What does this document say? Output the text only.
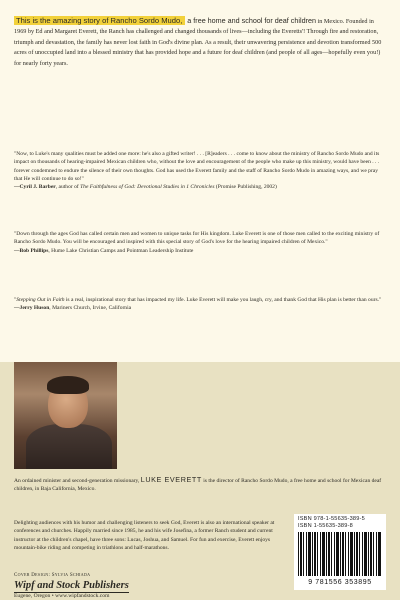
This is the amazing story of Rancho Sordo Mudo, a free home and school for deaf children in Mexico. Founded in 1969 by Ed and Margaret Everett, the Ranch has challenged and changed thousands of lives—including the Everetts'! Through fire and restoration, triumph and devastation, the family has never lost faith in God's divine plan. As a result, their unwavering persistence and devotion transformed 500 acres of unoccupied land into a blessed ministry that has provided hope and a future for deaf children (and people of all ages—hopefully even you!) for nearly forty years.

"Now, to Luke's many qualities must be added one more: he's also a gifted writer! . . . [R]eaders . . . come to know about the ministry of Rancho Sordo Mudo and its impact on thousands of hearing-impaired Mexican children who, without the love and encouragement of the people who make up this ministry, would have been . . . forever condemned to endure the silence of their own thoughts. God has used the Everett family and the staff of Rancho Sordo Mudo in amazing ways, and we pray that He will continue to do so!"
—Cyril J. Barber, author of The Faithfulness of God: Devotional Studies in 1 Chronicles (Promise Publishing, 2002)

"Down through the ages God has called certain men and women to unique tasks for His kingdom. Luke Everett is one of those men called to the exciting ministry of Rancho Sordo Mudo. You will be encouraged and inspired with this special story of God's love for the hearing impaired children of Mexico."
—Bob Phillips, Hume Lake Christian Camps and Pointman Leadership Institute

"Stepping Out in Faith is a real, inspirational story that has impacted my life. Luke Everett will make you laugh, cry, and thank God that His plan is better than ours."
—Jerry Huson, Mariners Church, Irvine, California

An ordained minister and second-generation missionary, LUKE EVERETT is the director of Rancho Sordo Mudo, a free home and school for Mexican deaf children, in Baja California, Mexico.

Delighting audiences with his humor and challenging listeners to seek God, Everett is also an international speaker at conferences and churches. Happily married since 1985, he and his wife Josefina, a former Ranch student and current instructor at the children's chapel, have three sons: Lucas, Joshua, and Samuel. For fun and exercise, Everett enjoys mountain-bike riding and competing in triathlons and half-marathons.

Cover Design: Sylvia Schiada
Wipf and Stock Publishers
Eugene, Oregon • www.wipfandstock.com
ISBN 978-1-55635-389-5
ISBN 1-55635-389-8
9 781556 353895
